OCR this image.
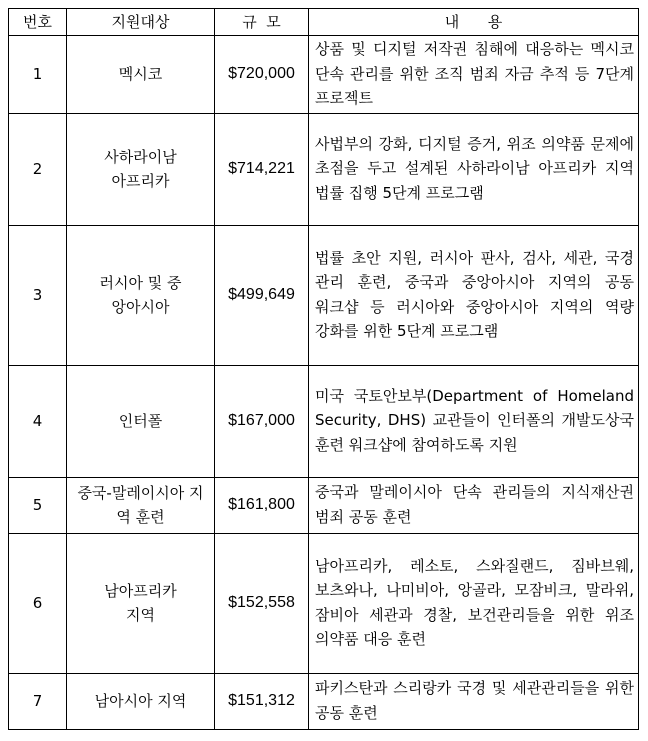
번호	지원대상	규  모	내      용
1	멕시코	$720,000	상품 및 디지털 저작권 침해에 대응하는 멕시코 단속 관리를 위한 조직 범죄 자금 추적 등 7단계 프로젝트
2	사하라이남 아프리카	$714,221	사법부의 강화, 디지털 증거, 위조 의약품 문제에 초점을 두고 설계된 사하라이남 아프리카 지역 법률 집행 5단계 프로그램
3	러시아 및 중앙아시아	$499,649	법률 초안 지원, 러시아 판사, 검사, 세관, 국경 관리 훈련, 중국과 중앙아시아 지역의 공동 워크샵 등 러시아와 중앙아시아 지역의 역량 강화를 위한 5단계 프로그램
4	인터폴	$167,000	미국 국토안보부(Department of Homeland Security, DHS) 교관들이 인터폴의 개발도상국 훈련 워크샵에 참여하도록 지원
5	중국-말레이시아 지역 훈련	$161,800	중국과 말레이시아 단속 관리들의 지식재산권 범죄 공동 훈련
6	남아프리카 지역	$152,558	남아프리카, 레소토, 스와질랜드, 짐바브웨, 보츠와나, 나미비아, 앙골라, 모잠비크, 말라위, 잠비아 세관과 경찰, 보건관리들을 위한 위조 의약품 대응 훈련
7	남아시아 지역	$151,312	파키스탄과 스리랑카 국경 및 세관관리들을 위한 공동 훈련
